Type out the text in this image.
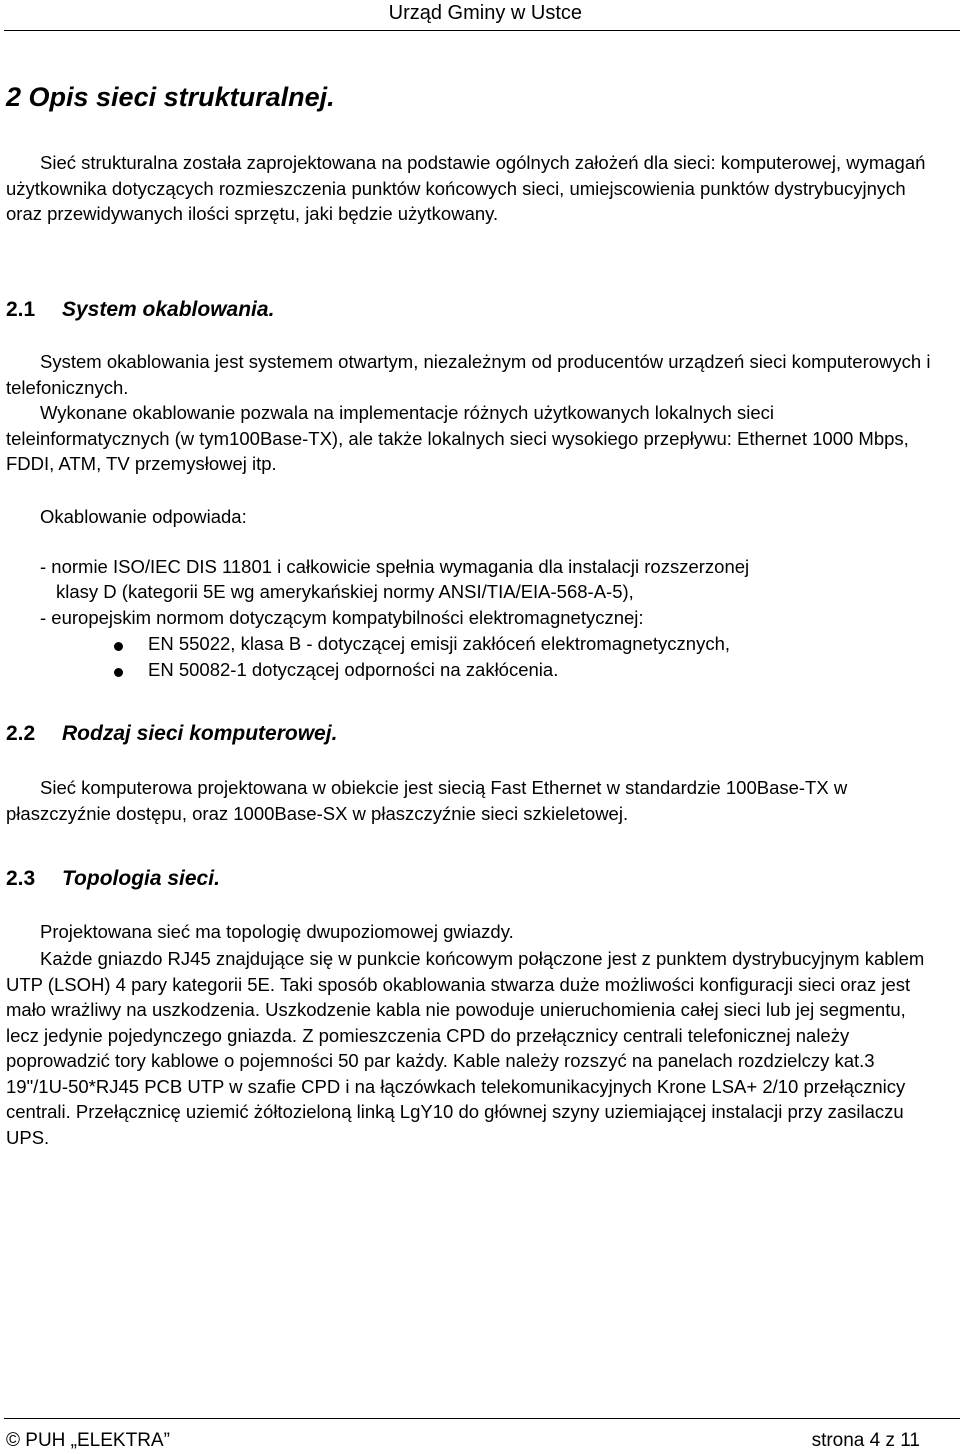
Urząd Gminy w Ustce
2 Opis sieci strukturalnej.

Sieć strukturalna została zaprojektowana na podstawie ogólnych założeń dla sieci: komputerowej, wymagań użytkownika dotyczących rozmieszczenia punktów końcowych sieci, umiejscowienia punktów dystrybucyjnych oraz przewidywanych ilości sprzętu, jaki będzie użytkowany.

2.1 System okablowania.

System okablowania jest systemem otwartym, niezależnym od producentów urządzeń sieci komputerowych i telefonicznych.

Wykonane okablowanie pozwala na implementacje różnych użytkowanych lokalnych sieci teleinformatycznych (w tym100Base-TX), ale także lokalnych sieci wysokiego przepływu: Ethernet 1000 Mbps, FDDI, ATM, TV przemysłowej itp.

Okablowanie odpowiada:
- normie ISO/IEC DIS 11801 i całkowicie spełnia wymagania dla instalacji rozszerzonej
klasy D (kategorii 5E wg amerykańskiej normy ANSI/TIA/EIA-568-A-5),
- europejskim normom dotyczącym kompatybilności elektromagnetycznej:
EN 55022, klasa B - dotyczącej emisji zakłóceń elektromagnetycznych,
EN 50082-1 dotyczącej odporności na zakłócenia.
2.2 Rodzaj sieci komputerowej.

Sieć komputerowa projektowana w obiekcie jest siecią Fast Ethernet w standardzie 100Base-TX w płaszczyźnie dostępu, oraz 1000Base-SX w płaszczyźnie sieci szkieletowej.

2.3 Topologia sieci.
Projektowana sieć ma topologię dwupoziomowej gwiazdy.

Każde gniazdo RJ45 znajdujące się w punkcie końcowym połączone jest z punktem dystrybucyjnym kablem UTP (LSOH) 4 pary kategorii 5E. Taki sposób okablowania stwarza duże możliwości konfiguracji sieci oraz jest mało wrażliwy na uszkodzenia. Uszkodzenie kabla nie powoduje unieruchomienia całej sieci lub jej segmentu, lecz jedynie pojedynczego gniazda. Z pomieszczenia CPD do przełącznicy centrali telefonicznej należy poprowadzić tory kablowe o pojemności 50 par każdy. Kable należy rozszyć na panelach rozdzielczy kat.3 19"/1U-50*RJ45 PCB UTP w szafie CPD i na łączówkach telekomunikacyjnych Krone LSA+ 2/10 przełącznicy centrali. Przełącznicę uziemić żółtozieloną linką LgY10 do głównej szyny uziemiającej instalacji przy zasilaczu UPS.

© PUH „ELEKTRA”	strona 4 z 11
